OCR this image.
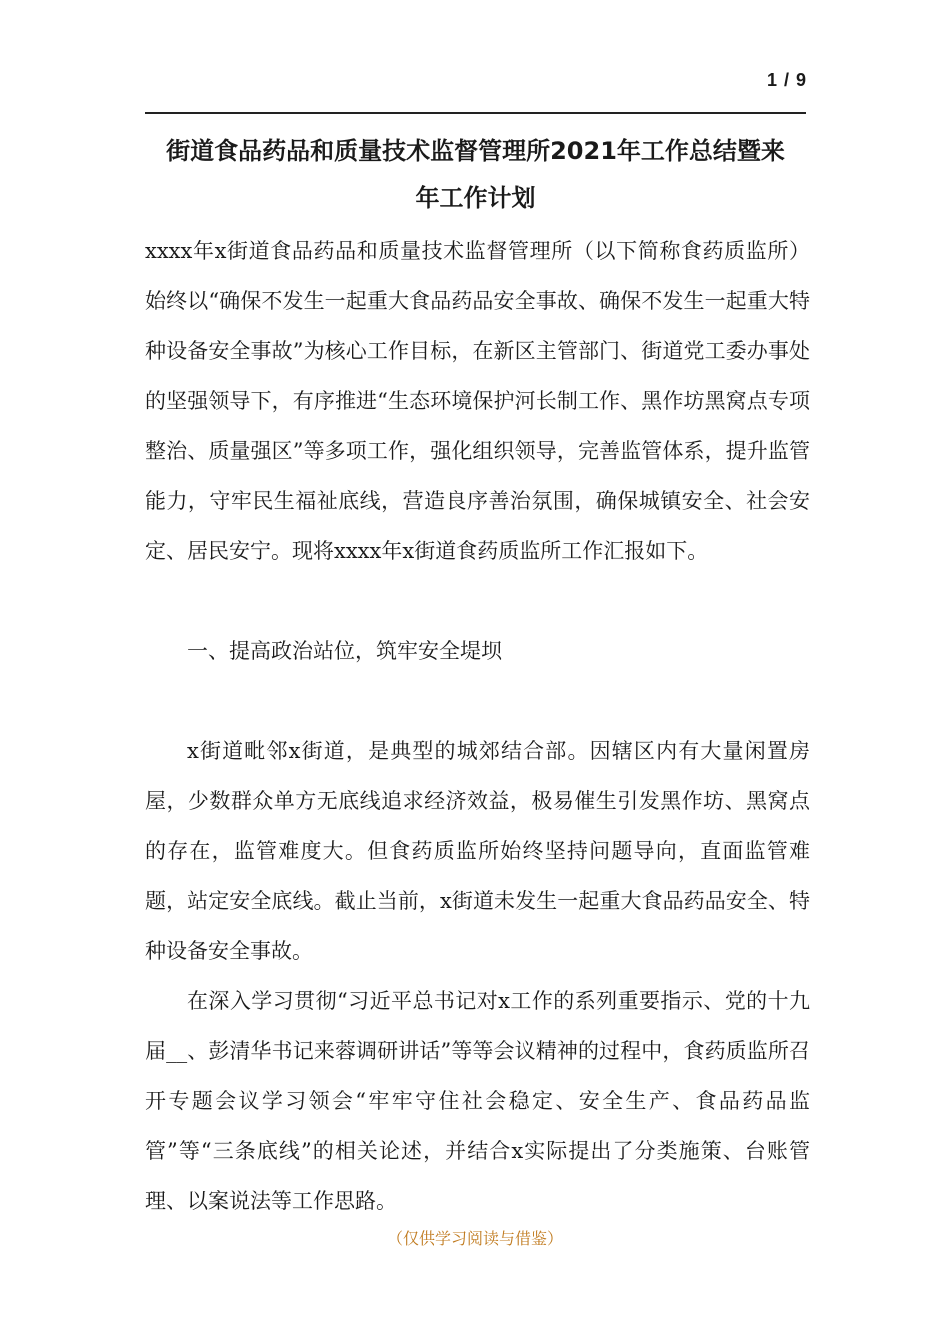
1 / 9
街道食品药品和质量技术监督管理所2021年工作总结暨来
年工作计划

xxxx年x街道食品药品和质量技术监督管理所（以下简称食药质监所）始终以“确保不发生一起重大食品药品安全事故、确保不发生一起重大特种设备安全事故”为核心工作目标，在新区主管部门、街道党工委办事处的坚强领导下，有序推进“生态环境保护河长制工作、黑作坊黑窝点专项整治、质量强区”等多项工作，强化组织领导，完善监管体系，提升监管能力，守牢民生福祉底线，营造良序善治氛围，确保城镇安全、社会安定、居民安宁。现将xxxx年x街道食药质监所工作汇报如下。

一、提高政治站位，筑牢安全堤坝

x街道毗邻x街道，是典型的城郊结合部。因辖区内有大量闲置房屋，少数群众单方无底线追求经济效益，极易催生引发黑作坊、黑窝点的存在，监管难度大。但食药质监所始终坚持问题导向，直面监管难题，站定安全底线。截止当前，x街道未发生一起重大食品药品安全、特种设备安全事故。

在深入学习贯彻“习近平总书记对x工作的系列重要指示、党的十九届__、彭清华书记来蓉调研讲话”等等会议精神的过程中，食药质监所召开专题会议学习领会“牢牢守住社会稳定、安全生产、食品药品监管”等“三条底线”的相关论述，并结合x实际提出了分类施策、台账管理、以案说法等工作思路。

（仅供学习阅读与借鉴）
